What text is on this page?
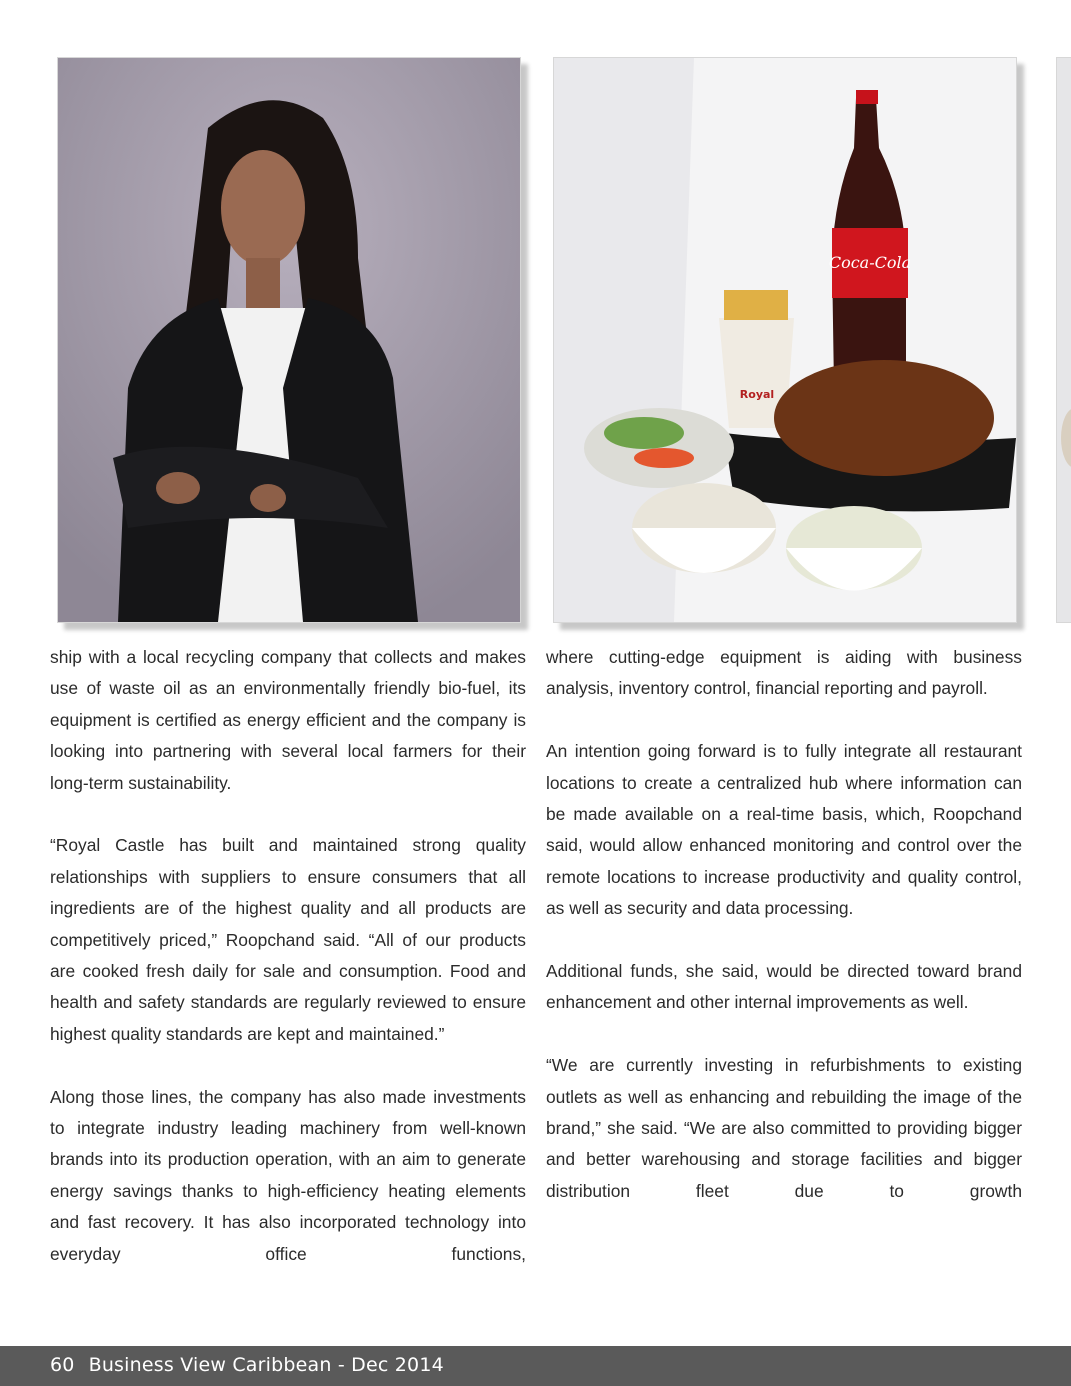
Coca-Cola
Royal

ship with a local recycling company that collects and makes use of waste oil as an environmentally friendly bio-fuel, its equipment is certified as energy efficient and the company is looking into partnering with several local farmers for their long-term sustainability.

“Royal Castle has built and maintained strong quality relationships with suppliers to ensure consumers that all ingredients are of the highest quality and all products are competitively priced,” Roopchand said. “All of our products are cooked fresh daily for sale and consumption. Food and health and safety standards are regularly reviewed to ensure highest quality standards are kept and maintained.”

Along those lines, the company has also made investments to integrate industry leading machinery from well-known brands into its production operation, with an aim to generate energy savings thanks to high-efficiency heating elements and fast recovery. It has also incorporated technology into everyday office functions,

where cutting-edge equipment is aiding with business analysis, inventory control, financial reporting and payroll.

An intention going forward is to fully integrate all restaurant locations to create a centralized hub where information can be made available on a real-time basis, which, Roopchand said, would allow enhanced monitoring and control over the remote locations to increase productivity and quality control, as well as security and data processing.

Additional funds, she said, would be directed toward brand enhancement and other internal improvements as well.

“We are currently investing in refurbishments to existing outlets as well as enhancing and rebuilding the image of the brand,” she said. “We are also committed to providing bigger and better warehousing and storage facilities and bigger distribution fleet due to growth

60 Business View Caribbean - Dec 2014
